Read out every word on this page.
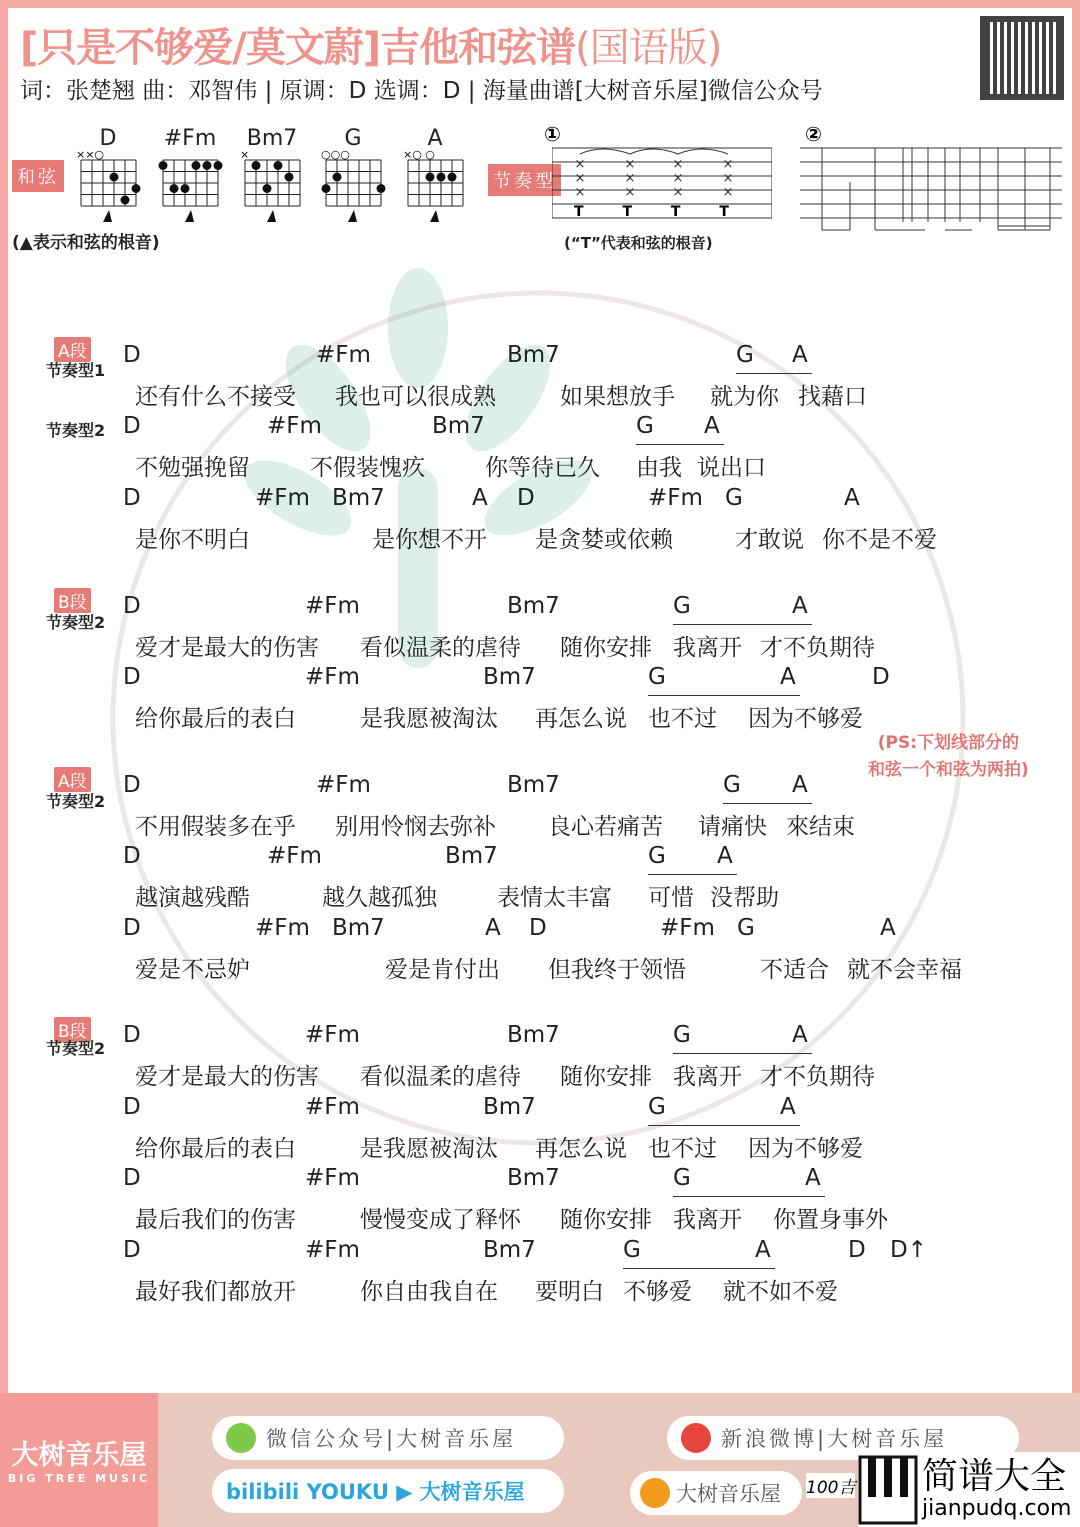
[只是不够爱/莫文蔚]吉他和弦谱(国语版)
词：张楚翘 曲：邓智伟 | 原调：D 选调：D | 海量曲谱[大树音乐屋]微信公众号
和弦
D
××○
#Fm Bm7
×
G
○○○
A
×○ ○
(▲表示和弦的根音)
节奏型
①	②
×
×
×
×
×
×
×
×
×
×
×
×
T	T	T	T
(“T”代表和弦的根音)
A段
节奏型1
节奏型2
D	#Fm	Bm7	G A
还有什么不接受 我也可以很成熟	如果想放手 就为你 找藉口
D	#Fm	Bm7	G A
不勉强挽留	不假装愧疚	你等待已久 由我 说出口
D	#Fm Bm7	A D	#Fm G	A
是你不明白	是你想不开 是贪婪或依赖	才敢说 你不是不爱
B段
节奏型2
D	#Fm	Bm7	G	A
爱才是最大的伤害 看似温柔的虐待 随你安排 我离开 才不负期待
D	#Fm	Bm7	G	A	D
给你最后的表白	是我愿被淘汰 再怎么说 也不过 因为不够爱
A段
节奏型2
D	#Fm	Bm7	G A
不用假装多在乎 别用怜悯去弥补 良心若痛苦 请痛快 來结束
D	#Fm	Bm7	G A
越演越残酷	越久越孤独	表情太丰富 可惜 没帮助
D	#Fm Bm7	A D	#Fm G	A
爱是不忌妒	爱是肯付出 但我终于领悟	不适合 就不会幸福
B段
节奏型2
D	#Fm	Bm7	G	A
爱才是最大的伤害 看似温柔的虐待 随你安排 我离开 才不负期待
D	#Fm	Bm7	G	A
给你最后的表白	是我愿被淘汰 再怎么说 也不过 因为不够爱
D	#Fm	Bm7	G	A
最后我们的伤害	慢慢变成了释怀 随你安排 我离开 你置身事外
D	#Fm	Bm7	G	A	D D↑
最好我们都放开	你自由我自在 要明白 不够爱 就不如不爱
(PS:下划线部分的
和弦一个和弦为两拍)
大树音乐屋
BIG TREE MUSIC
微信公众号|大树音乐屋	新浪微博|大树音乐屋
bilibili YOUKU ▶ 大树音乐屋	大树音乐屋 100吉 简谱大全
jianpudq.com
